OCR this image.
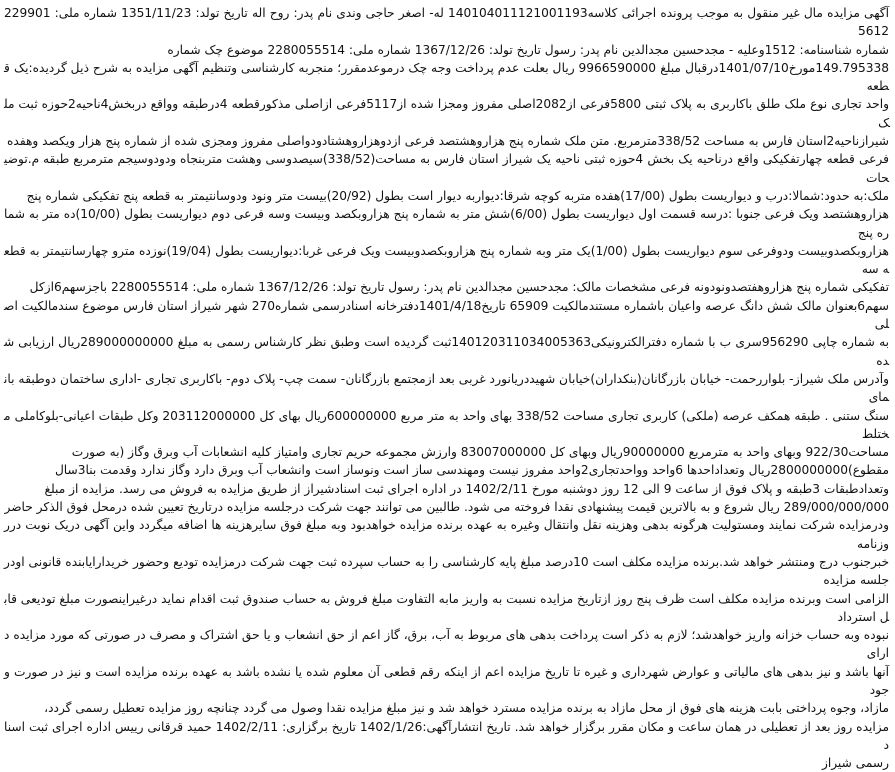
آگهی مزایده مال غیر منقول به موجب پرونده اجرائی کلاسه140104011121001193 له- اصغر حاجی وندی نام پدر: روح اله تاریخ تولد: 1351/11/23 شماره ملی: 2299015612
شماره شناسنامه: 1512وعلیه - مجدحسین مجدالدین نام پدر: رسول تاریخ تولد: 1367/12/26 شماره ملی: 2280055514 موضوع چک شماره
149.795338مورخ1401/07/10درقبال مبلغ 9966590000 ریال بعلت عدم پرداخت وجه چک درموعدمقرر؛ منجربه کارشناسی وتنظیم آگهی مزایده به شرح ذیل گردیده:یک قطعه
واحد تجاری نوع ملک طلق باکاربری به پلاک ثبتی 5800فرعی از2082اصلی مفروز ومجزا شده از5117فرعی ازاصلی مذکورقطعه 4درطبقه وواقع دربخش4ناحیه2حوزه ثبت ملک
شیرازناحیه2استان فارس به مساحت 338/52مترمربع. متن ملک شماره پنج هزاروهشتصد فرعی ازدوهزاروهشتادودواصلی مفروز ومجزی شده از شماره پنج هزار ویکصد وهفده
فرعی قطعه چهارتفکیکی واقع درناحیه یک بخش 4حوزه ثبتی ناحیه یک شیراز استان فارس به مساحت(338/52)سیصدوسی وهشت متربنجاه ودودوسیجم مترمربع طبقه م.توضیحات
ملک:به حدود:شمالا:درب و دیواریست بطول (17/00)هفده متربه کوچه شرقا:دیواربه دیوار است بطول (20/92)بیست متر ونود ودوسانتیمتر به قطعه پنج تفکیکی شماره پنج
هزاروهشتصد ویک فرعی جنوبا :درسه قسمت اول دیواریست بطول (6/00)شش متر به شماره پنج هزاروبکصد وبیست وسه فرعی دوم دیواریست بطول (10/00)ده متر به شماره پنج
هزاروبکصدوبیست ودوفرعی سوم دیواریست بطول (1/00)یک متر وبه شماره پنج هزاروبکصدوبیست ویک فرعی غربا:دیواریست بطول (19/04)نوزده مترو چهارسانتیمتر به قطعه سه
تفکیکی شماره پنج هزاروهفتصدونودونه فرعی مشخصات مالک: مجدحسین مجدالدین نام پدر: رسول تاریخ تولد: 1367/12/26 شماره ملی: 2280055514 باجزسهم6ازکل
سهم6بعنوان مالک شش دانگ عرصه واعیان باشماره مستندمالکیت 65909 تاریخ1401/4/18دفترخانه اسنادرسمی شماره270 شهر شیراز استان فارس موضوع سندمالکیت اصلی
به شماره چاپی 956290سری ب با شماره دفترالکترونیکی140120311034005363ثبت گردیده است وطبق نظر کارشناس رسمی به مبلغ 289000000000ریال ارزیابی شده
وآدرس ملک شیراز- بلواررحمت- خیابان بازرگانان(بنکداران)خیابان شهیددریانورد غربی بعد ازمجتمع بازرگانان- سمت چپ- پلاک دوم- باکاربری تجاری -اداری ساختمان دوطبقه بانمای
سنگ ستنی . طبقه همکف عرصه (ملکی) کاربری تجاری مساحت 338/52 بهای واحد به متر مربع 600000000ریال بهای کل 203112000000 وکل طبقات اعیانی-بلوکاملی مختلط
مساحت922/30 وبهای واحد به مترمربع 90000000ریال وبهای کل 83007000000 وارزش مجموعه حریم تجاری وامتیاز کلیه انشعابات آب وبرق وگاز (به صورت
مقطوع)2800000000ریال وتعداداحدها 6واحد وواحدتجاری2واحد مفروز نیست ومهندسی ساز است ونوساز است وانشعاب آب وبرق دارد وگاز ندارد وقدمت بنا3سال
وتعدادطبقات 3طبقه و پلاک فوق از ساعت 9 الی 12 روز دوشنبه مورخ 1402/2/11 در اداره اجرای ثبت اسنادشیراز از طریق مزایده به فروش می رسد. مزایده از مبلغ
289/000/000/000 ریال شروع و به بالاترین قیمت پیشنهادی نقدا فروخته می شود. طالبین می توانند جهت شرکت درجلسه مزایده درتاریخ تعیین شده درمحل فوق الذکر حاضر
ودرمزایده شرکت نمایند ومستولیت هرگونه بدهی وهزینه نقل وانتقال وغیره به عهده برنده مزایده خواهدبود وبه مبلغ فوق سایرهزینه ها اضافه میگردد واین آگهی دریک نوبت درروزنامه
خبرجنوب درج ومنتشر خواهد شد.برنده مزایده مکلف است 10درصد مبلغ پایه کارشناسی را به حساب سپرده ثبت جهت شرکت درمزایده تودیع وحضور خریدارایابنده قانونی اودرجلسه مزایده
الزامی است وبرنده مزایده مکلف است ظرف پنج روز ازتاریخ مزایده نسبت به واریز مابه التفاوت مبلغ فروش به حساب صندوق ثبت اقدام نماید درغیراینصورت مبلغ تودیعی قابل استرداد
نبوده وبه حساب خزانه واریز خواهدشد؛ لازم به ذکر است پرداخت بدهی های مربوط به آب، برق، گاز اعم از حق انشعاب و یا حق اشتراک و مصرف در صورتی که مورد مزایده دارای
آنها باشد و نیز بدهی های مالیاتی و عوارض شهرداری و غیره تا تاریخ مزایده اعم از اینکه رقم قطعی آن معلوم شده یا نشده باشد به عهده برنده مزایده است و نیز در صورت وجود
مازاد، وجوه پرداختی بابت هزینه های فوق از محل مازاد به برنده مزایده مسترد خواهد شد و نیز مبلغ مزایده نقدا وصول می گردد چنانچه روز مزایده تعطیل رسمی گردد،
مزایده روز بعد از تعطیلی در همان ساعت و مکان مقرر برگزار خواهد شد. تاریخ انتشارآگهی:1402/1/26 تاریخ برگزاری: 1402/2/11 حمید قرقانی رییس اداره اجرای ثبت اسناد
رسمی شیراز
